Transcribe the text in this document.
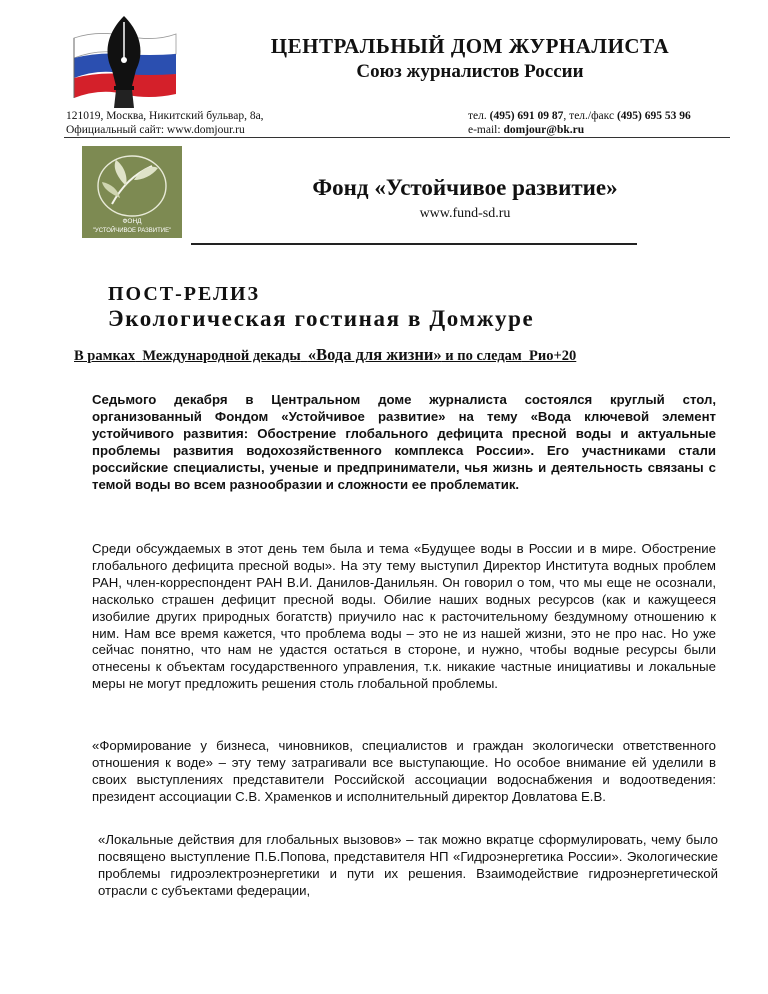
ЦЕНТРАЛЬНЫЙ ДОМ ЖУРНАЛИСТА
Союз журналистов России
121019, Москва, Никитский бульвар, 8а,
Официальный сайт: www.domjour.ru
тел. (495) 691 09 87, тел./факс (495) 695 53 96
e-mail: domjour@bk.ru
ФОНД
"УСТОЙЧИВОЕ РАЗВИТИЕ"
Фонд «Устойчивое развитие»
www.fund-sd.ru
ПОСТ-РЕЛИЗ
Экологическая гостиная в Домжуре
В рамках Международной декады «Вода для жизни» и по следам Рио+20
Седьмого декабря в Центральном доме журналиста состоялся круглый стол, организованный Фондом «Устойчивое развитие» на тему «Вода ключевой элемент устойчивого развития: Обострение глобального дефицита пресной воды и актуальные проблемы развития водохозяйственного комплекса России». Его участниками стали российские специалисты, ученые и предприниматели, чья жизнь и деятельность связаны с темой воды во всем разнообразии и сложности ее проблематик.
Среди обсуждаемых в этот день тем была и тема «Будущее воды в России и в мире. Обострение глобального дефицита пресной воды». На эту тему выступил Директор Института водных проблем РАН, член-корреспондент РАН В.И. Данилов-Данильян. Он говорил о том, что мы еще не осознали, насколько страшен дефицит пресной воды. Обилие наших водных ресурсов (как и кажущееся изобилие других природных богатств) приучило нас к расточительному бездумному отношению к ним. Нам все время кажется, что проблема воды – это не из нашей жизни, это не про нас. Но уже сейчас понятно, что нам не удастся остаться в стороне, и нужно, чтобы водные ресурсы были отнесены к объектам государственного управления, т.к. никакие частные инициативы и локальные меры не могут предложить решения столь глобальной проблемы.
«Формирование у бизнеса, чиновников, специалистов и граждан экологически ответственного отношения к воде» – эту тему затрагивали все выступающие. Но особое внимание ей уделили в своих выступлениях представители Российской ассоциации водоснабжения и водоотведения: президент ассоциации С.В. Храменков и исполнительный директор Довлатова Е.В.
«Локальные действия для глобальных вызовов» – так можно вкратце сформулировать, чему было посвящено выступление П.Б.Попова, представителя НП «Гидроэнергетика России». Экологические проблемы гидроэлектроэнергетики и пути их решения. Взаимодействие гидроэнергетической отрасли с субъектами федерации,
